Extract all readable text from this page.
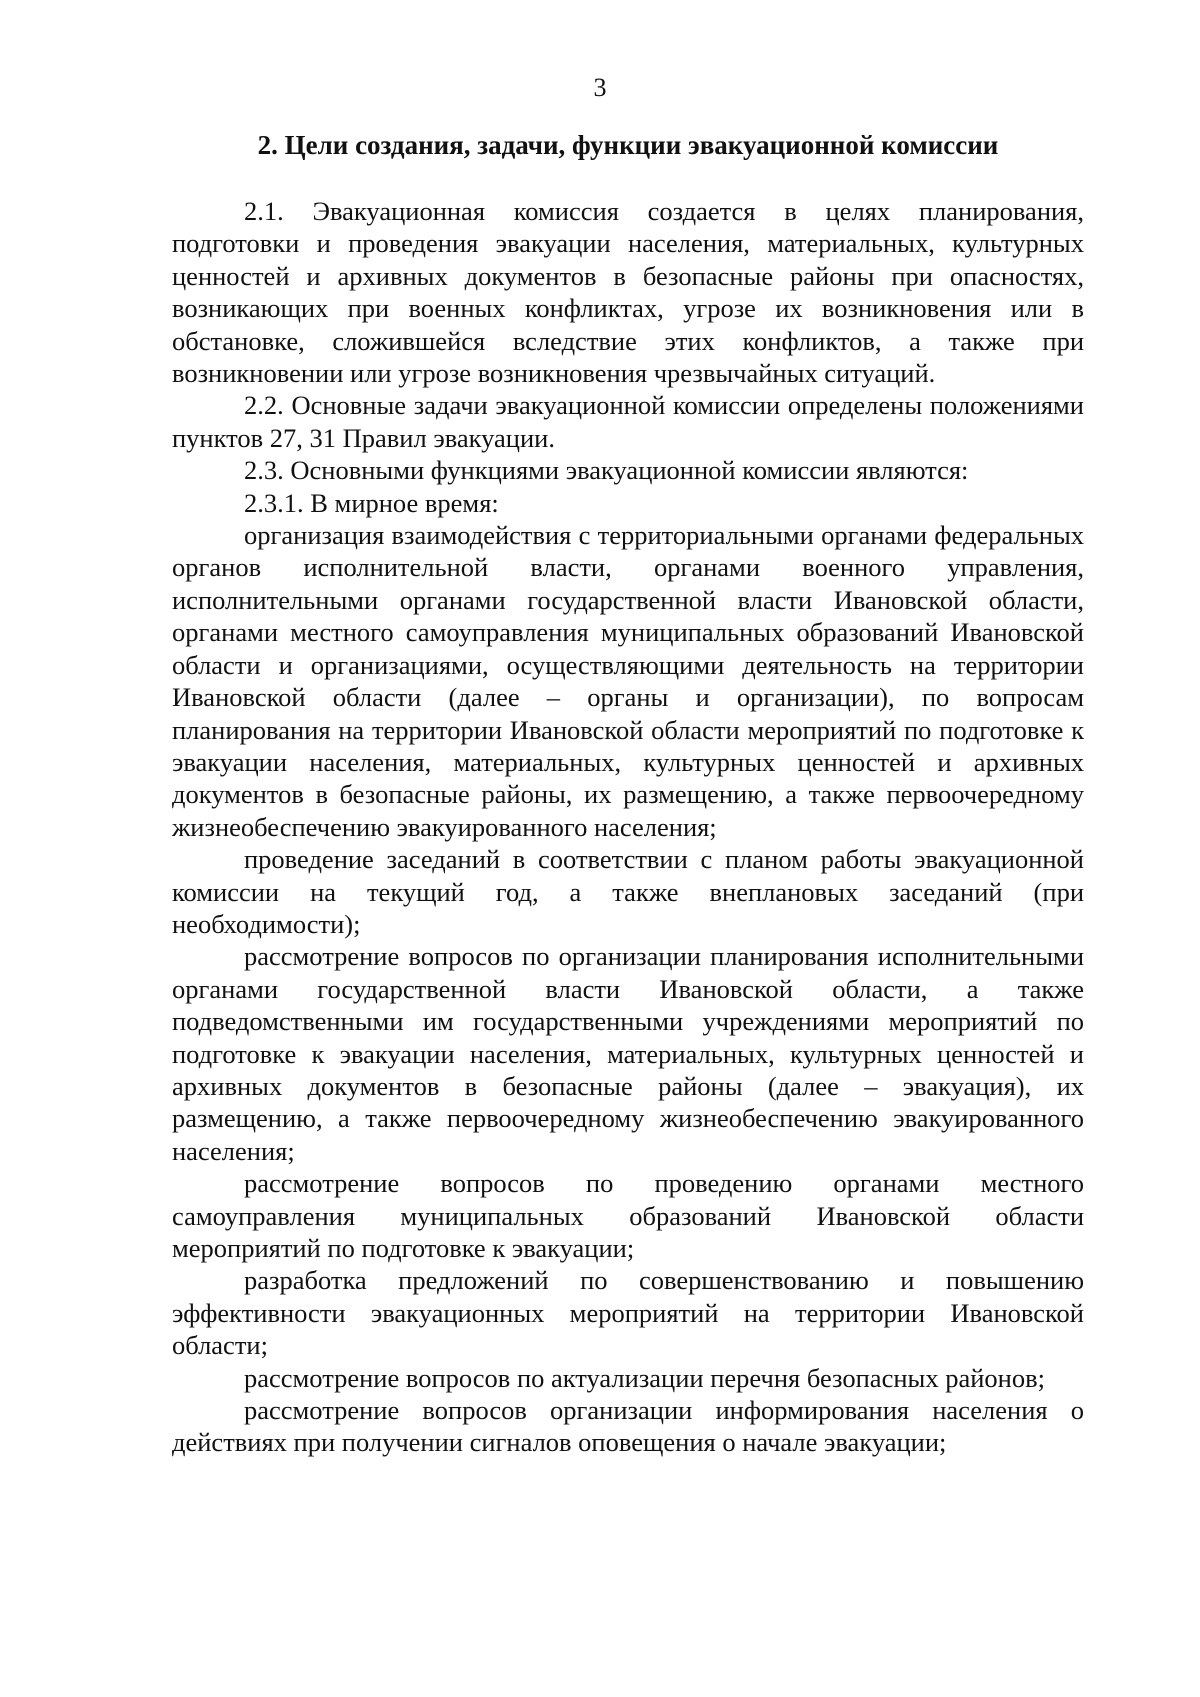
3
2. Цели создания, задачи, функции эвакуационной комиссии

2.1. Эвакуационная комиссия создается в целях планирования, подготовки и проведения эвакуации населения, материальных, культурных ценностей и архивных документов в безопасные районы при опасностях, возникающих при военных конфликтах, угрозе их возникновения или в обстановке, сложившейся вследствие этих конфликтов, а также при возникновении или угрозе возникновения чрезвычайных ситуаций.

2.2. Основные задачи эвакуационной комиссии определены положениями пунктов 27, 31 Правил эвакуации.

2.3. Основными функциями эвакуационной комиссии являются:

2.3.1. В мирное время:

организация взаимодействия с территориальными органами федеральных органов исполнительной власти, органами военного управления, исполнительными органами государственной власти Ивановской области, органами местного самоуправления муниципальных образований Ивановской области и организациями, осуществляющими деятельность на территории Ивановской области (далее – органы и организации), по вопросам планирования на территории Ивановской области мероприятий по подготовке к эвакуации населения, материальных, культурных ценностей и архивных документов в безопасные районы, их размещению, а также первоочередному жизнеобеспечению эвакуированного населения;

проведение заседаний в соответствии с планом работы эвакуационной комиссии на текущий год, а также внеплановых заседаний (при необходимости);

рассмотрение вопросов по организации планирования исполнительными органами государственной власти Ивановской области, а также подведомственными им государственными учреждениями мероприятий по подготовке к эвакуации населения, материальных, культурных ценностей и архивных документов в безопасные районы (далее – эвакуация), их размещению, а также первоочередному жизнеобеспечению эвакуированного населения;

рассмотрение вопросов по проведению органами местного самоуправления муниципальных образований Ивановской области мероприятий по подготовке к эвакуации;

разработка предложений по совершенствованию и повышению эффективности эвакуационных мероприятий на территории Ивановской области;

рассмотрение вопросов по актуализации перечня безопасных районов;

рассмотрение вопросов организации информирования населения о действиях при получении сигналов оповещения о начале эвакуации;
